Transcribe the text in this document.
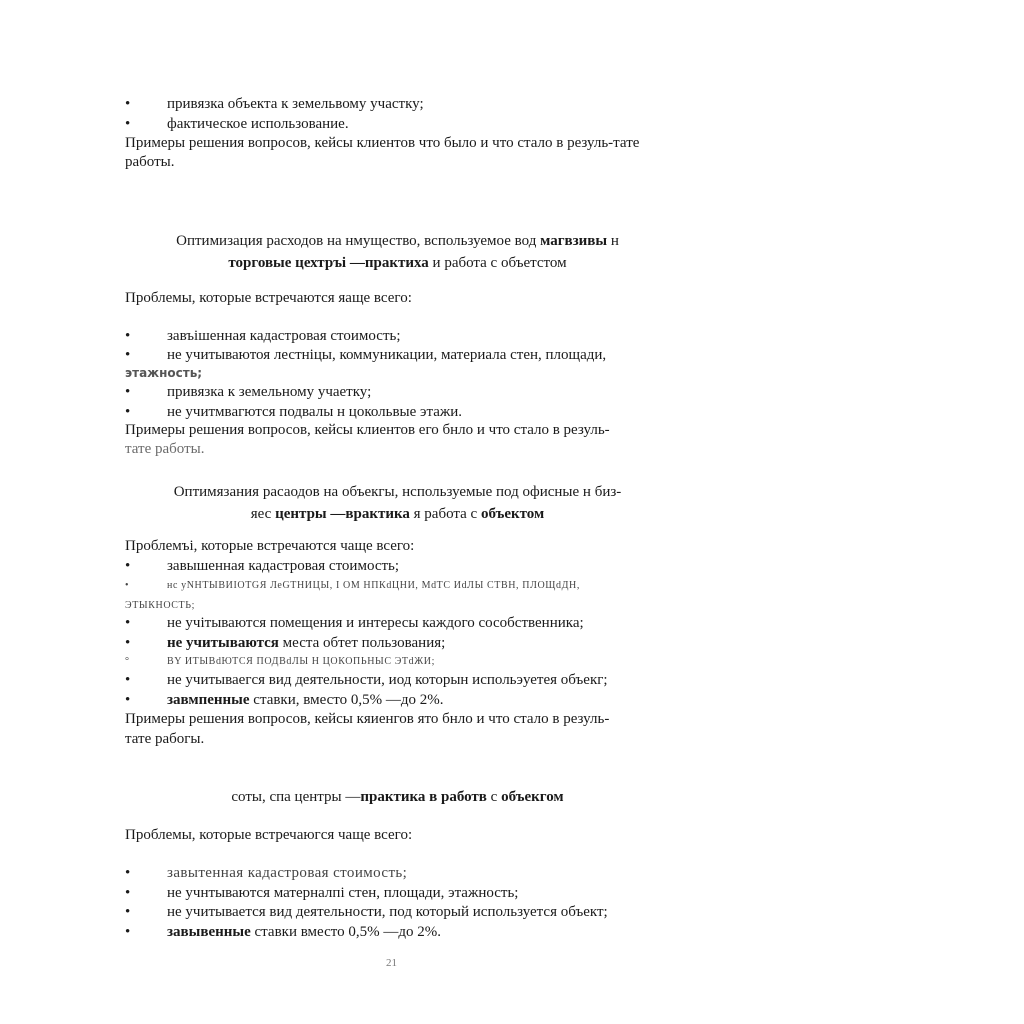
• привязка объекта к земельвому участку;
• фактическое использование.
Примеры решения вопросов, кейсы клиентов что было и что стало в резуль-тате работы.
Оптимизация расходов на нмущество, вспользуемое вод магвзивы н
торговые цехтръі —практиха и работа с объетстом
Проблемы, которые встречаются яаще всего:
• завъішенная кадастровая стоимость;
• не учитываютоя лестніцы, коммуникации, материала стен, площади,
этажность;
• привязка к земельному учаетку;
• не учитмвагются подвалы н цокольвые этажи.
Примеры решения вопросов, кейсы клиентов его бнло и что стало в резуль-
тате работы.
Оптимязания расаодов на объекгы, нспользуемые под офисные н биз-
яес центры —врактика я работа с объектом
Проблемъі, которые встречаются чаще всего:
• завышенная кадастровая стоимость;
•	нс уNНТЫВИIOТGЯ ЛеGТНИЦЫ, I ОМ НПКdЦНИ, МdТС ИdЛЫ СТВН, ПЛОЩdДН,
ЭТЫКНОСТЬ;
• не учітываются помещения и интересы каждого сособственника;
• не учитываются места обтет пользования;
°	BY ИТЫВdЮТСЯ ПОДВdЛЫ Н ЦОКОПЬНЫС ЭТdЖИ;
• не учитываегся вид деятельности, иод которын испольэуетея объекг;
• завмпенные ставки, вместо 0,5% —до 2%.
Примеры решения вопросов, кейсы кяиенгов ято бнло и что стало в резуль-
тате рабогы.
соты, спа центры —практика в работв с объекгом
Проблемы, которые встречаюгся чаще всего:
• завытенная кадастровая стоимость;
• не учнтываются матерналпі стен, площади, этажность;
• не учитывается вид деятельности, под который используется объект;
• завывенные ставки вместо 0,5% —до 2%.
21
